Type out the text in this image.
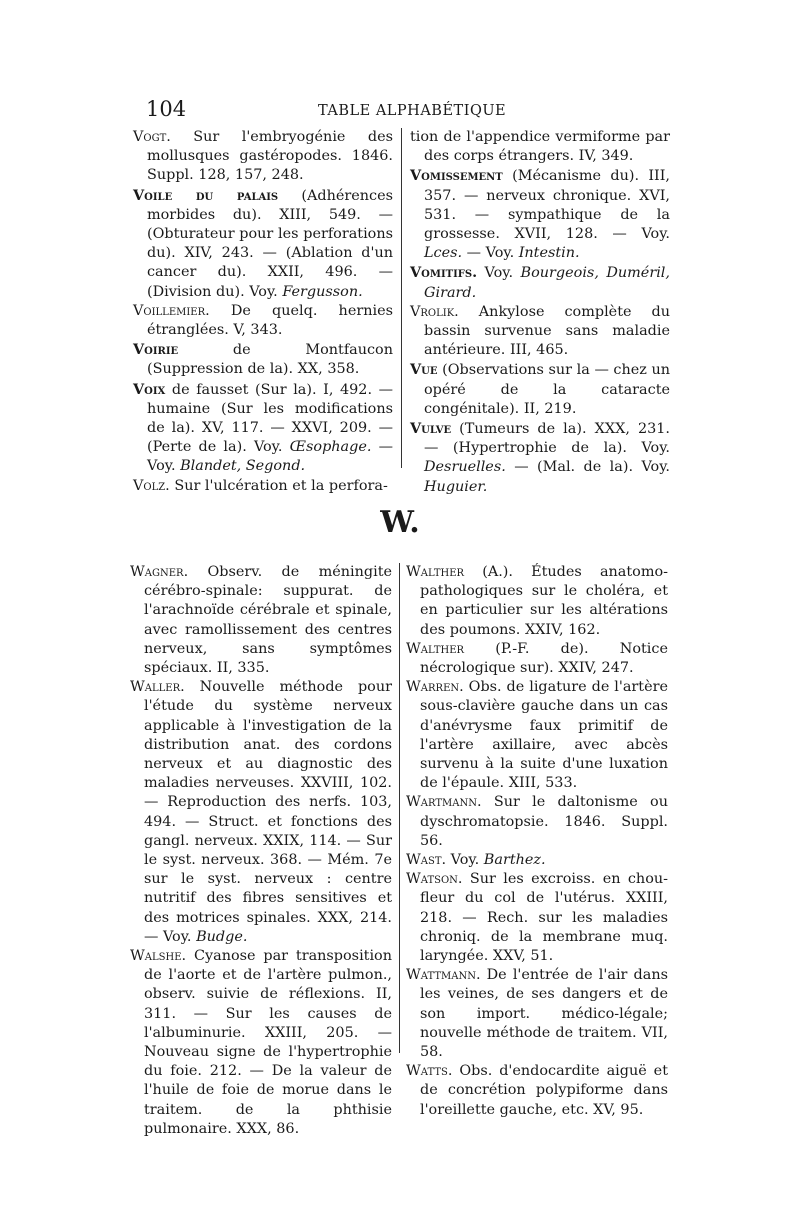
104	TABLE ALPHABÉTIQUE
Vogt. Sur l'embryogénie des mollusques gastéropodes. 1846. Suppl. 128, 157, 248.
Voile du palais (Adhérences morbides du). XIII, 549. — (Obturateur pour les perforations du). XIV, 243. — (Ablation d'un cancer du). XXII, 496. — (Division du). Voy. Fergusson.
Voillemier. De quelq. hernies étranglées. V, 343.
Voirie de Montfaucon (Suppression de la). XX, 358.
Voix de fausset (Sur la). I, 492. — humaine (Sur les modifications de la). XV, 117. — XXVI, 209. — (Perte de la). Voy. Œsophage. — Voy. Blandet, Segond.
Volz. Sur l'ulcération et la perfora-
tion de l'appendice vermiforme par des corps étrangers. IV, 349.
Vomissement (Mécanisme du). III, 357. — nerveux chronique. XVI, 531. — sympathique de la grossesse. XVII, 128. — Voy. Lces. — Voy. Intestin.
Vomitifs. Voy. Bourgeois, Duméril, Girard.
Vrolik. Ankylose complète du bassin survenue sans maladie antérieure. III, 465.
Vue (Observations sur la — chez un opéré de la cataracte congénitale). II, 219.
Vulve (Tumeurs de la). XXX, 231. — (Hypertrophie de la). Voy. Desruelles. — (Mal. de la). Voy. Huguier.
W.
Wagner. Observ. de méningite cérébro-spinale: suppurat. de l'arachnoïde cérébrale et spinale, avec ramollissement des centres nerveux, sans symptômes spéciaux. II, 335.
Waller. Nouvelle méthode pour l'étude du système nerveux applicable à l'investigation de la distribution anat. des cordons nerveux et au diagnostic des maladies nerveuses. XXVIII, 102. — Reproduction des nerfs. 103, 494. — Struct. et fonctions des gangl. nerveux. XXIX, 114. — Sur le syst. nerveux. 368. — Mém. 7e sur le syst. nerveux : centre nutritif des fibres sensitives et des motrices spinales. XXX, 214. — Voy. Budge.
Walshe. Cyanose par transposition de l'aorte et de l'artère pulmon., observ. suivie de réflexions. II, 311. — Sur les causes de l'albuminurie. XXIII, 205. — Nouveau signe de l'hypertrophie du foie. 212. — De la valeur de l'huile de foie de morue dans le traitem. de la phthisie pulmonaire. XXX, 86.
Walther (A.). Études anatomo-pathologiques sur le choléra, et en particulier sur les altérations des poumons. XXIV, 162.
Walther (P.-F. de). Notice nécrologique sur). XXIV, 247.
Warren. Obs. de ligature de l'artère sous-clavière gauche dans un cas d'anévrysme faux primitif de l'artère axillaire, avec abcès survenu à la suite d'une luxation de l'épaule. XIII, 533.
Wartmann. Sur le daltonisme ou dyschromatopsie. 1846. Suppl. 56.
Wast. Voy. Barthez.
Watson. Sur les excroiss. en chou-fleur du col de l'utérus. XXIII, 218. — Rech. sur les maladies chroniq. de la membrane muq. laryngée. XXV, 51.
Wattmann. De l'entrée de l'air dans les veines, de ses dangers et de son import. médico-légale; nouvelle méthode de traitem. VII, 58.
Watts. Obs. d'endocardite aiguë et de concrétion polypiforme dans l'oreillette gauche, etc. XV, 95.
